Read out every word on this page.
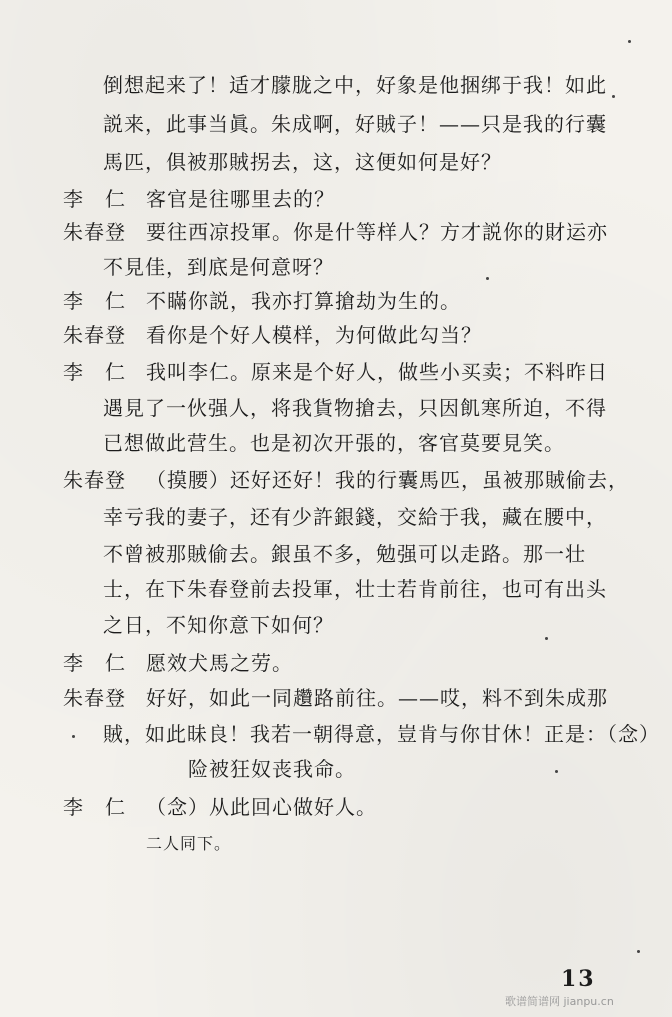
倒想起来了！适才朦胧之中，好象是他捆绑于我！如此
説来，此事当眞。朱成啊，好賊子！——只是我的行囊
馬匹，俱被那賊拐去，这，这便如何是好？
李　仁 客官是往哪里去的？
朱春登 要往西凉投軍。你是什等样人？方才説你的財运亦
不見佳，到底是何意呀？
李　仁 不瞞你説，我亦打算搶劫为生的。
朱春登 看你是个好人模样，为何做此勾当？
李　仁 我叫李仁。原来是个好人，做些小买卖；不料昨日
遇見了一伙强人，将我貨物搶去，只因飢寒所迫，不得
已想做此营生。也是初次开張的，客官莫要見笑。
朱春登 （摸腰）还好还好！我的行囊馬匹，虽被那賊偷去，
幸亏我的妻子，还有少許銀錢，交給于我，藏在腰中，
不曾被那賊偷去。銀虽不多，勉强可以走路。那一壮
士，在下朱春登前去投軍，壮士若肯前往，也可有出头
之日，不知你意下如何？
李　仁 愿效犬馬之劳。
朱春登 好好，如此一同趲路前往。——哎，料不到朱成那
賊，如此昧良！我若一朝得意，豈肯与你甘休！正是：（念）
险被狂奴丧我命。
李　仁 （念）从此回心做好人。
二人同下。
13
歌谱简谱网 jianpu.cn
